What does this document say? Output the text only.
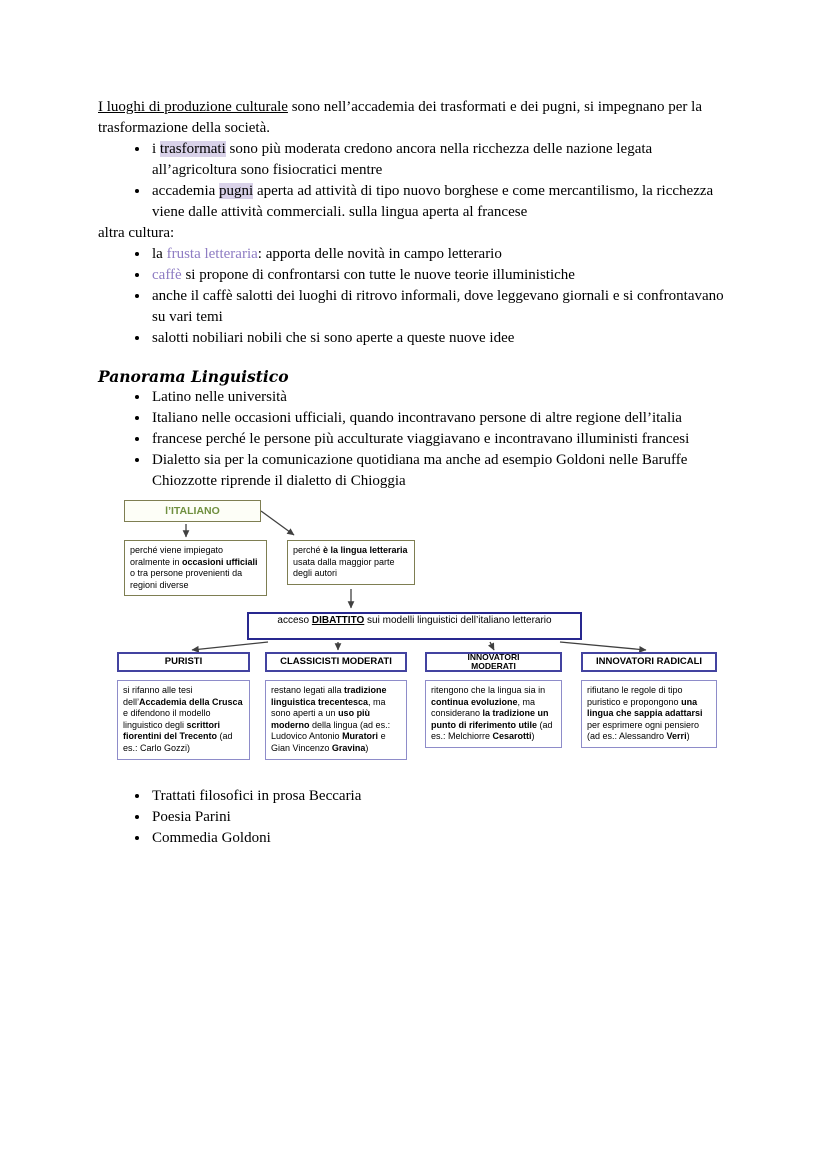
I luoghi di produzione culturale sono nell’accademia dei trasformati e dei pugni, si impegnano per la trasformazione della società.

• i trasformati sono più moderata credono ancora nella ricchezza delle nazione legata all’agricoltura sono fisiocratici mentre
• accademia pugni aperta ad attività di tipo nuovo borghese e come mercantilismo, la ricchezza viene dalle attività commerciali. sulla lingua aperta al francese

altra cultura:

• la frusta letteraria: apporta delle novità in campo letterario
• caffè si propone di confrontarsi con tutte le nuove teorie illuministiche
• anche il caffè salotti dei luoghi di ritrovo informali, dove leggevano giornali e si confrontavano su vari temi
• salotti nobiliari nobili che si sono aperte a queste nuove idee
Panorama Linguistico
• Latino nelle università
• Italiano nelle occasioni ufficiali, quando incontravano persone di altre regione dell’italia
• francese perché le persone più acculturate viaggiavano e incontravano illuministi francesi
• Dialetto sia per la comunicazione quotidiana ma anche ad esempio Goldoni nelle Baruffe Chiozzotte riprende il dialetto di Chioggia
l’ITALIANO
perché viene impiegato oralmente in occasioni ufficiali o tra persone provenienti da regioni diverse
perché è la lingua letteraria usata dalla maggior parte degli autori
acceso DIBATTITO sui modelli linguistici dell’italiano letterario
PURISTI	CLASSICISTI MODERATI	INNOVATORI MODERATI	INNOVATORI RADICALI
si rifanno alle tesi dell’Accademia della Crusca e difendono il modello linguistico degli scrittori fiorentini del Trecento (ad es.: Carlo Gozzi)
restano legati alla tradizione linguistica trecentesca, ma sono aperti a un uso più moderno della lingua (ad es.: Ludovico Antonio Muratori e Gian Vincenzo Gravina)
ritengono che la lingua sia in continua evoluzione, ma considerano la tradizione un punto di riferimento utile (ad es.: Melchiorre Cesarotti)
rifiutano le regole di tipo puristico e propongono una lingua che sappia adattarsi per esprimere ogni pensiero (ad es.: Alessandro Verri)
• Trattati filosofici in prosa Beccaria
• Poesia Parini
• Commedia Goldoni
